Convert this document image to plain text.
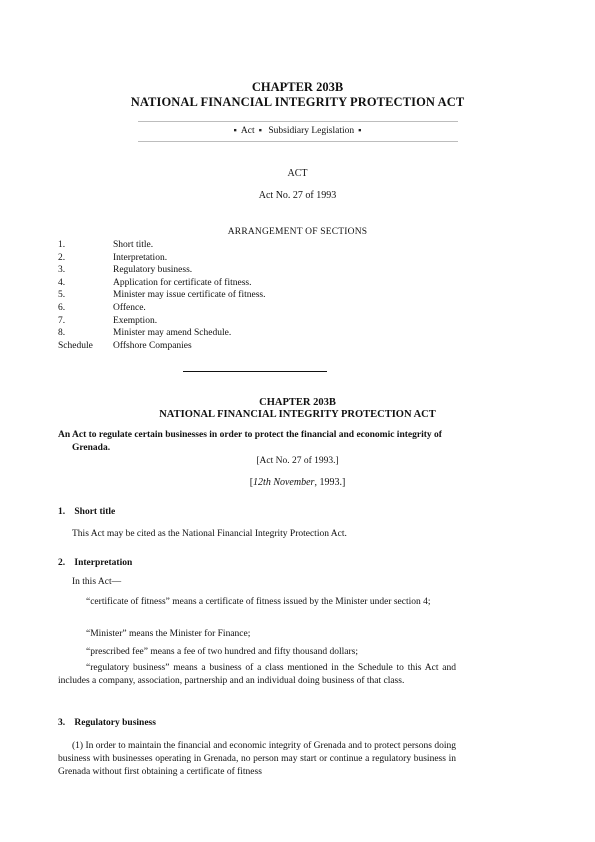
CHAPTER 203B
NATIONAL FINANCIAL INTEGRITY PROTECTION ACT
▪ Act ▪ Subsidiary Legislation ▪
ACT
Act No. 27 of 1993
ARRANGEMENT OF SECTIONS
1.	Short title.
2.	Interpretation.
3.	Regulatory business.
4.	Application for certificate of fitness.
5.	Minister may issue certificate of fitness.
6.	Offence.
7.	Exemption.
8.	Minister may amend Schedule.
Schedule	Offshore Companies
CHAPTER 203B
NATIONAL FINANCIAL INTEGRITY PROTECTION ACT
An Act to regulate certain businesses in order to protect the financial and economic integrity of Grenada.
[Act No. 27 of 1993.]
[12th November, 1993.]
1. Short title
This Act may be cited as the National Financial Integrity Protection Act.
2. Interpretation
In this Act—
“certificate of fitness” means a certificate of fitness issued by the Minister under section 4;
“Minister” means the Minister for Finance;
“prescribed fee” means a fee of two hundred and fifty thousand dollars;
“regulatory business” means a business of a class mentioned in the Schedule to this Act and includes a company, association, partnership and an individual doing business of that class.
3. Regulatory business
(1) In order to maintain the financial and economic integrity of Grenada and to protect persons doing business with businesses operating in Grenada, no person may start or continue a regulatory business in Grenada without first obtaining a certificate of fitness
